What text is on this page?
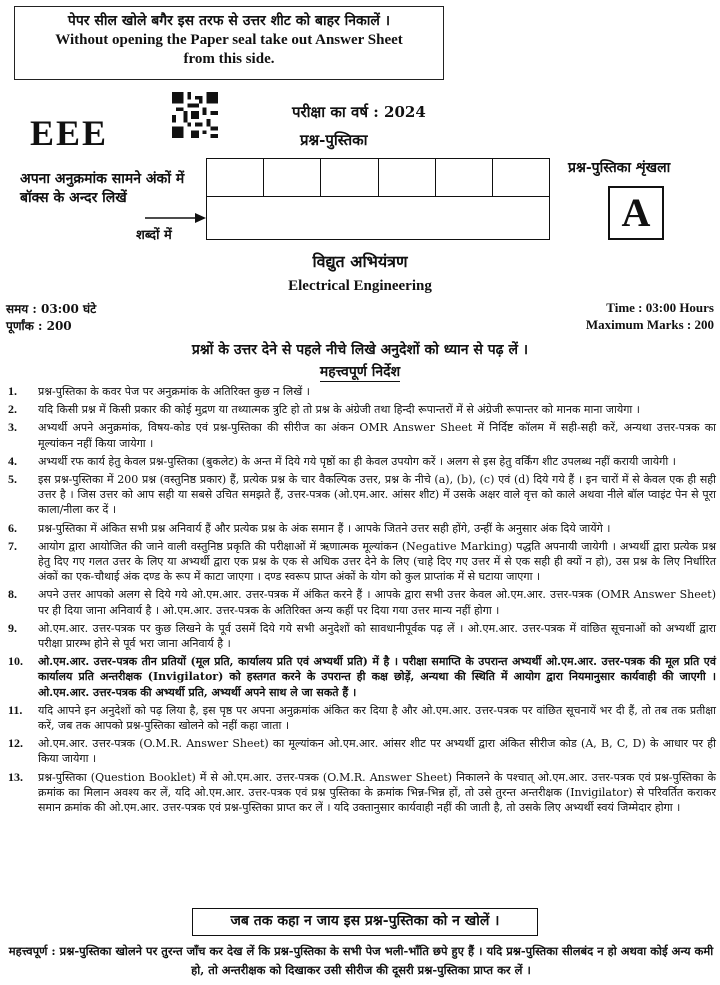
पेपर सील खोले बगैर इस तरफ से उत्तर शीट को बाहर निकालें ।
Without opening the Paper seal take out Answer Sheet
from this side.
EEE
परीक्षा का वर्ष : 2024
प्रश्न-पुस्तिका
प्रश्न-पुस्तिका शृंखला
A
अपना अनुक्रमांक सामने अंकों में बॉक्स के अन्दर लिखें
शब्दों में
विद्युत अभियंत्रण
Electrical Engineering
समय : 03:00 घंटे
पूर्णांक : 200
Time : 03:00 Hours
Maximum Marks : 200
प्रश्नों के उत्तर देने से पहले नीचे लिखे अनुदेशों को ध्यान से पढ़ लें ।
महत्त्वपूर्ण निर्देश
1.	प्रश्न-पुस्तिका के कवर पेज पर अनुक्रमांक के अतिरिक्त कुछ न लिखें ।
2.	यदि किसी प्रश्न में किसी प्रकार की कोई मुद्रण या तथ्यात्मक त्रुटि हो तो प्रश्न के अंग्रेजी तथा हिन्दी रूपान्तरों में से अंग्रेजी रूपान्तर को मानक माना जायेगा ।
3.	अभ्यर्थी अपने अनुक्रमांक, विषय-कोड एवं प्रश्न-पुस्तिका की सीरीज का अंकन OMR Answer Sheet में निर्दिष्ट कॉलम में सही-सही करें, अन्यथा उत्तर-पत्रक का मूल्यांकन नहीं किया जायेगा ।
4.	अभ्यर्थी रफ कार्य हेतु केवल प्रश्न-पुस्तिका (बुकलेट) के अन्त में दिये गये पृष्ठों का ही केवल उपयोग करें । अलग से इस हेतु वर्किंग शीट उपलब्ध नहीं करायी जायेगी ।
5.	इस प्रश्न-पुस्तिका में 200 प्रश्न (वस्तुनिष्ठ प्रकार) हैं, प्रत्येक प्रश्न के चार वैकल्पिक उत्तर, प्रश्न के नीचे (a), (b), (c) एवं (d) दिये गये हैं । इन चारों में से केवल एक ही सही उत्तर है । जिस उत्तर को आप सही या सबसे उचित समझते हैं, उत्तर-पत्रक (ओ.एम.आर. आंसर शीट) में उसके अक्षर वाले वृत्त को काले अथवा नीले बॉल प्वाइंट पेन से पूरा काला/नीला कर दें ।
6.	प्रश्न-पुस्तिका में अंकित सभी प्रश्न अनिवार्य हैं और प्रत्येक प्रश्न के अंक समान हैं । आपके जितने उत्तर सही होंगे, उन्हीं के अनुसार अंक दिये जायेंगे ।
7.	आयोग द्वारा आयोजित की जाने वाली वस्तुनिष्ठ प्रकृति की परीक्षाओं में ऋणात्मक मूल्यांकन (Negative Marking) पद्धति अपनायी जायेगी । अभ्यर्थी द्वारा प्रत्येक प्रश्न हेतु दिए गए गलत उत्तर के लिए या अभ्यर्थी द्वारा एक प्रश्न के एक से अधिक उत्तर देने के लिए (चाहे दिए गए उत्तर में से एक सही ही क्यों न हो), उस प्रश्न के लिए निर्धारित अंकों का एक-चौथाई अंक दण्ड के रूप में काटा जाएगा । दण्ड स्वरूप प्राप्त अंकों के योग को कुल प्राप्तांक में से घटाया जाएगा ।
8.	अपने उत्तर आपको अलग से दिये गये ओ.एम.आर. उत्तर-पत्रक में अंकित करने हैं । आपके द्वारा सभी उत्तर केवल ओ.एम.आर. उत्तर-पत्रक (OMR Answer Sheet) पर ही दिया जाना अनिवार्य है । ओ.एम.आर. उत्तर-पत्रक के अतिरिक्त अन्य कहीं पर दिया गया उत्तर मान्य नहीं होगा ।
9.	ओ.एम.आर. उत्तर-पत्रक पर कुछ लिखने के पूर्व उसमें दिये गये सभी अनुदेशों को सावधानीपूर्वक पढ़ लें । ओ.एम.आर. उत्तर-पत्रक में वांछित सूचनाओं को अभ्यर्थी द्वारा परीक्षा प्रारम्भ होने से पूर्व भरा जाना अनिवार्य है ।
10.	ओ.एम.आर. उत्तर-पत्रक तीन प्रतियों (मूल प्रति, कार्यालय प्रति एवं अभ्यर्थी प्रति) में है । परीक्षा समाप्ति के उपरान्त अभ्यर्थी ओ.एम.आर. उत्तर-पत्रक की मूल प्रति एवं कार्यालय प्रति अन्तरीक्षक (Invigilator) को हस्तगत करने के उपरान्त ही कक्ष छोड़ें, अन्यथा की स्थिति में आयोग द्वारा नियमानुसार कार्यवाही की जाएगी । ओ.एम.आर. उत्तर-पत्रक की अभ्यर्थी प्रति, अभ्यर्थी अपने साथ ले जा सकते हैं ।
11.	यदि आपने इन अनुदेशों को पढ़ लिया है, इस पृष्ठ पर अपना अनुक्रमांक अंकित कर दिया है और ओ.एम.आर. उत्तर-पत्रक पर वांछित सूचनायें भर दी हैं, तो तब तक प्रतीक्षा करें, जब तक आपको प्रश्न-पुस्तिका खोलने को नहीं कहा जाता ।
12.	ओ.एम.आर. उत्तर-पत्रक (O.M.R. Answer Sheet) का मूल्यांकन ओ.एम.आर. आंसर शीट पर अभ्यर्थी द्वारा अंकित सीरीज कोड (A, B, C, D) के आधार पर ही किया जायेगा ।
13.	प्रश्न-पुस्तिका (Question Booklet) में से ओ.एम.आर. उत्तर-पत्रक (O.M.R. Answer Sheet) निकालने के पश्चात् ओ.एम.आर. उत्तर-पत्रक एवं प्रश्न-पुस्तिका के क्रमांक का मिलान अवश्य कर लें, यदि ओ.एम.आर. उत्तर-पत्रक एवं प्रश्न पुस्तिका के क्रमांक भिन्न-भिन्न हों, तो उसे तुरन्त अन्तरीक्षक (Invigilator) से परिवर्तित कराकर समान क्रमांक की ओ.एम.आर. उत्तर-पत्रक एवं प्रश्न-पुस्तिका प्राप्त कर लें । यदि उक्तानुसार कार्यवाही नहीं की जाती है, तो उसके लिए अभ्यर्थी स्वयं जिम्मेदार होगा ।
जब तक कहा न जाय इस प्रश्न-पुस्तिका को न खोलें ।
महत्त्वपूर्ण : प्रश्न-पुस्तिका खोलने पर तुरन्त जाँच कर देख लें कि प्रश्न-पुस्तिका के सभी पेज भली-भाँति छपे हुए हैं । यदि प्रश्न-पुस्तिका सीलबंद न हो अथवा कोई अन्य कमी हो, तो अन्तरीक्षक को दिखाकर उसी सीरीज की दूसरी प्रश्न-पुस्तिका प्राप्त कर लें ।
